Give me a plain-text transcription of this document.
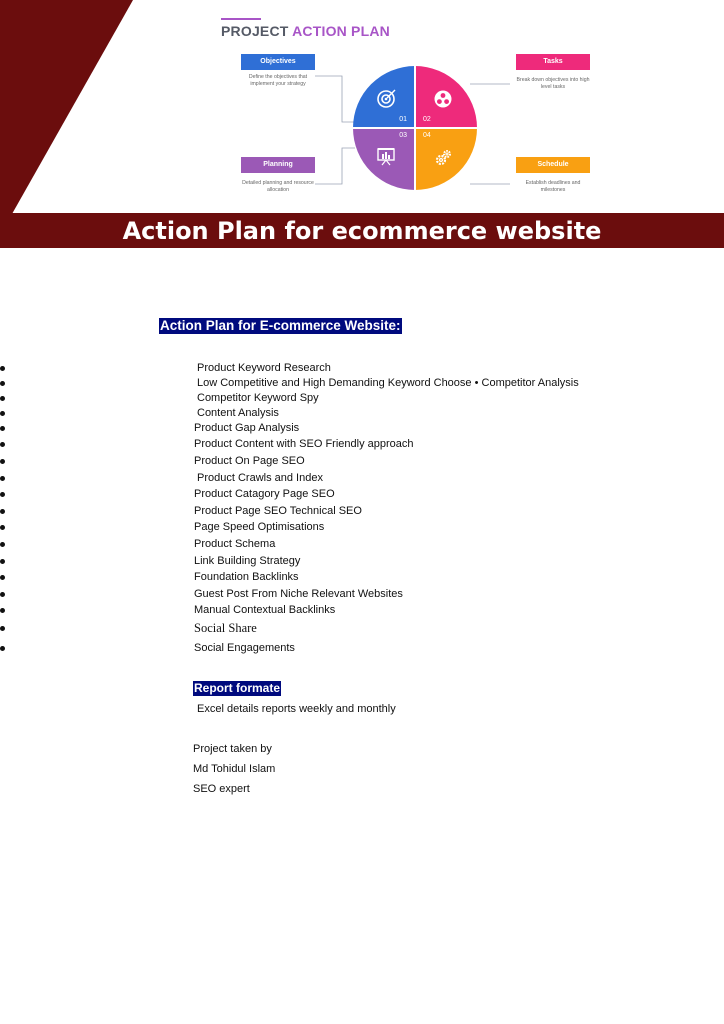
PROJECT ACTION PLAN
Objectives
Define the objectives that implement your strategy
Tasks
Break down objectives into high level tasks
Planning
Detailed planning and resource allocation
Schedule
Establish deadlines and milestones
01 02
03 04
Action Plan for ecommerce website
Action Plan for E-commerce Website:
Product Keyword Research
Low Competitive and High Demanding Keyword Choose • Competitor Analysis
Competitor Keyword Spy
Content Analysis
Product Gap Analysis
Product Content with SEO Friendly approach
Product On Page SEO
Product Crawls and Index
Product Catagory Page SEO
Product Page SEO Technical SEO
Page Speed Optimisations
Product Schema
Link Building Strategy
Foundation Backlinks
Guest Post From Niche Relevant Websites
Manual Contextual Backlinks
Social Share
Social Engagements
Report formate
Excel details reports weekly and monthly
Project taken by
Md Tohidul Islam
SEO expert
